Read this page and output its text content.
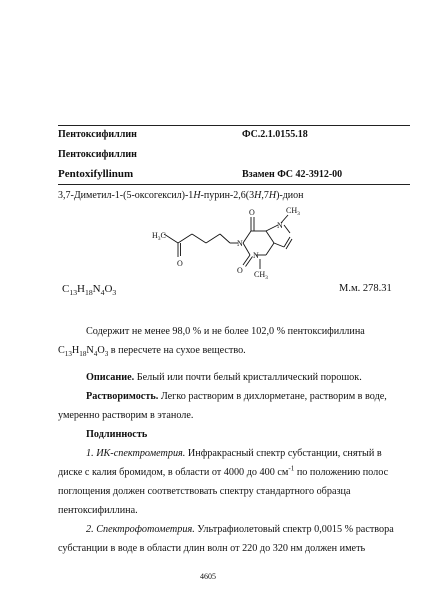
Пентоксифиллин	ФС.2.1.0155.18
Пентоксифиллин
Pentoxifyllinum	Взамен ФС 42-3912-00
3,7-Диметил-1-(5-оксогексил)-1H-пурин-2,6(3H,7H)-дион
O
$H_3C$
N
O
O
N
N
$CH_3$
$CH_3$
$C_{13}H_{18}N_4O_3$	М.м. 278.31
Содержит не менее 98,0 % и не более 102,0 % пентоксифиллина
$C_{13}H_{18}N_4O_3$ в пересчете на сухое вещество.
Описание. Белый или почти белый кристаллический порошок.
Растворимость. Легко растворим в дихлорметане, растворим в воде,
умеренно растворим в этаноле.
Подлинность
1. ИК-спектрометрия. Инфракрасный спектр субстанции, снятый в
диске с калия бромидом, в области от 4000 до 400 $см^{-1}$ по положению полос
поглощения должен соответствовать спектру стандартного образца
пентоксифиллина.
2. Спектрофотометрия. Ультрафиолетовый спектр 0,0015 % раствора
субстанции в воде в области длин волн от 220 до 320 нм должен иметь
4605
